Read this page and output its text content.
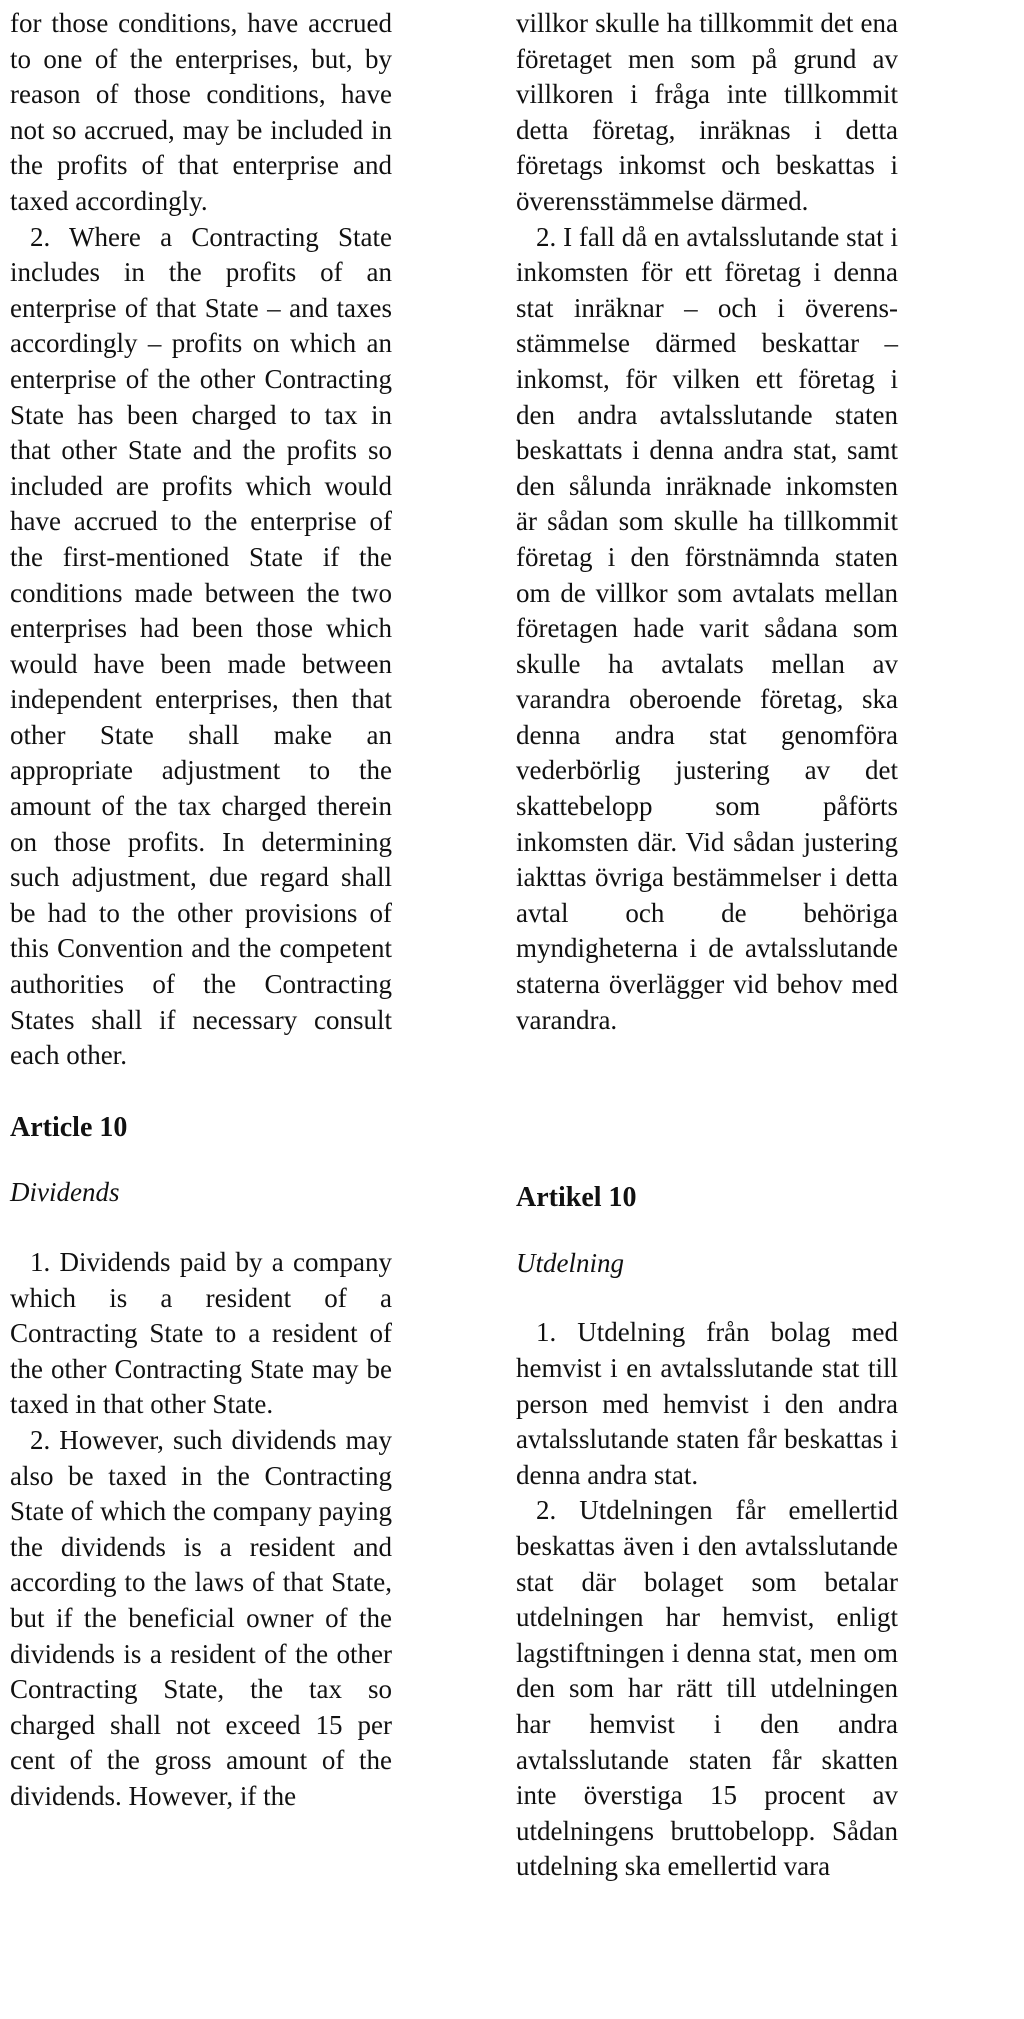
for those conditions, have accrued to one of the enterprises, but, by reason of those conditions, have not so accrued, may be included in the profits of that enterprise and taxed accordingly.

2. Where a Contracting State includes in the profits of an enterprise of that State – and taxes accordingly – profits on which an enterprise of the other Contracting State has been charged to tax in that other State and the profits so included are profits which would have accrued to the enterprise of the first-mentioned State if the conditions made between the two enterprises had been those which would have been made between independent enterprises, then that other State shall make an appropriate adjustment to the amount of the tax charged therein on those profits. In determining such adjustment, due regard shall be had to the other provisions of this Convention and the competent authorities of the Contracting States shall if necessary consult each other.

Article 10
Dividends

1. Dividends paid by a company which is a resident of a Contracting State to a resident of the other Contracting State may be taxed in that other State.

2. However, such dividends may also be taxed in the Contracting State of which the company paying the dividends is a resident and according to the laws of that State, but if the beneficial owner of the dividends is a resident of the other Contracting State, the tax so charged shall not exceed 15 per cent of the gross amount of the dividends. However, if the

villkor skulle ha tillkommit det ena företaget men som på grund av villkoren i fråga inte tillkommit detta företag, inräknas i detta företags inkomst och beskattas i överensstämmelse därmed.

2. I fall då en avtalsslutande stat i inkomsten för ett företag i denna stat inräknar – och i överens-stämmelse därmed beskattar – inkomst, för vilken ett företag i den andra avtalsslutande staten beskattats i denna andra stat, samt den sålunda inräknade inkomsten är sådan som skulle ha tillkommit företag i den förstnämnda staten om de villkor som avtalats mellan företagen hade varit sådana som skulle ha avtalats mellan av varandra oberoende företag, ska denna andra stat genomföra vederbörlig justering av det skattebelopp som påförts inkomsten där. Vid sådan justering iakttas övriga bestämmelser i detta avtal och de behöriga myndigheterna i de avtalsslutande staterna överlägger vid behov med varandra.

Artikel 10
Utdelning

1. Utdelning från bolag med hemvist i en avtalsslutande stat till person med hemvist i den andra avtalsslutande staten får beskattas i denna andra stat.

2. Utdelningen får emellertid beskattas även i den avtalsslutande stat där bolaget som betalar utdelningen har hemvist, enligt lagstiftningen i denna stat, men om den som har rätt till utdelningen har hemvist i den andra avtalsslutande staten får skatten inte överstiga 15 procent av utdelningens bruttobelopp. Sådan utdelning ska emellertid vara
